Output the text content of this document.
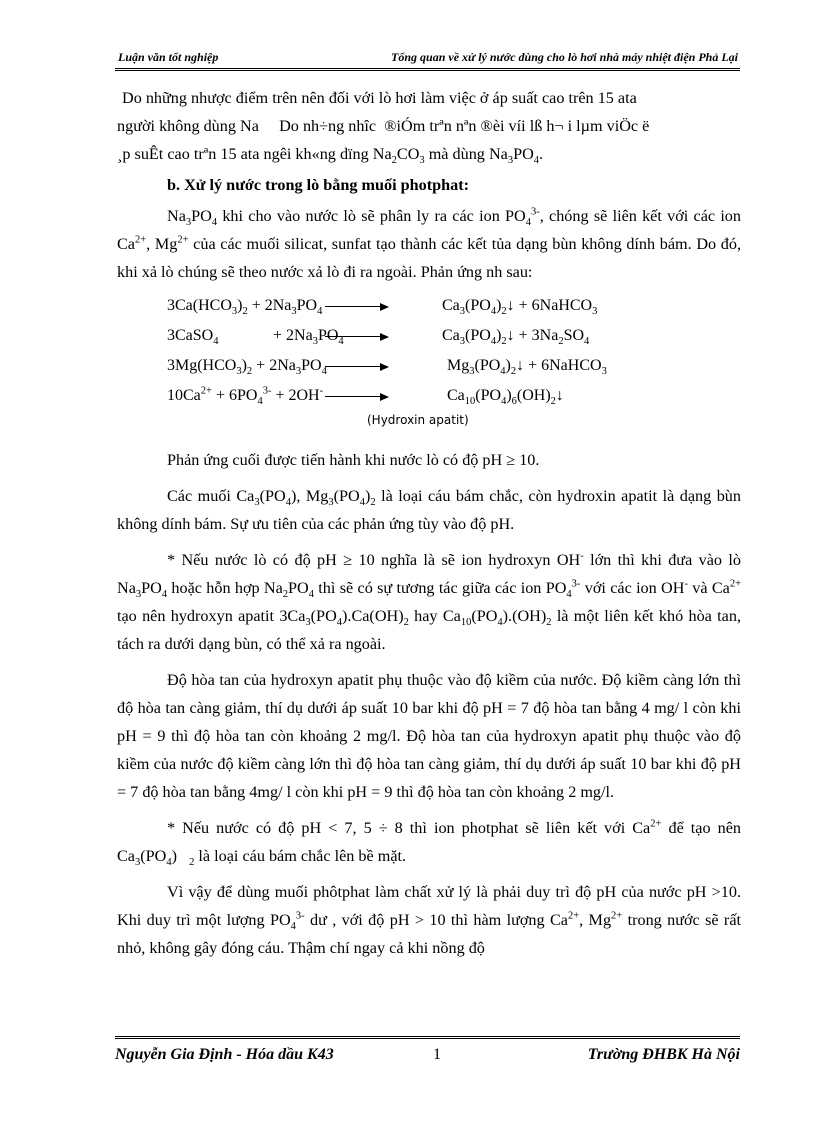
Luận văn tốt nghiệp	Tổng quan về xử lý nước dùng cho lò hơi nhà máy nhiệt điện Phả Lại

Do những nhược điểm trên nên đối với lò hơi làm việc ở áp suất cao trên 15 ata

người không dùng Na     Do nh÷ng nhîc  ®iÓm trªn nªn ®èi víi lß h¬ i lµm viÖc ë

¸p suÊt cao trªn 15 ata ngêi kh«ng dïng $Na_2CO_3$ mà dùng $Na_3PO_4$.

b. Xử lý nước trong lò bằng muối photphat:

$Na_3PO_4$ khi cho vào nước lò sẽ phân ly ra các ion $PO_4^{3-}$, chóng sẽ liên kết với các ion $Ca^{2+}$, $Mg^{2+}$ của các muối silicat, sunfat tạo thành các kết tủa dạng bùn không dính bám. Do đó, khi xả lò chúng sẽ theo nước xả lò đi ra ngoài. Phản ứng nh sau:

$3Ca(HCO_3)_2 + 2Na_3PO_4$ →	$Ca_3(PO_4)_2↓$ + 6NaHCO$_3$
3CaSO$_4$	+ $2Na_3PO_4$	$Ca_3(PO_4)_2↓ + 3Na_2SO_4$
$3Mg(HCO_3)_2 + 2Na_3PO_4$	$Mg_3(PO_4)_2↓$ + 6NaHCO$_3$
$10Ca^{2+} + 6PO_4^{3-} + 2OH^-$ →	$Ca_{10}(PO_4)_6(OH)_2↓$
(Hydroxin apatit)

Phản ứng cuối được tiến hành khi nước lò có độ pH ≥ 10.

Các muối $Ca_3(PO_4)$, $Mg_3(PO_4)_2$ là loại cáu bám chắc, còn hydroxin apatit là dạng bùn không dính bám. Sự ưu tiên của các phản ứng tùy vào độ pH.

* Nếu nước lò có độ pH ≥ 10 nghĩa là sẽ ion hydroxyn OH- lớn thì khi đưa vào lò $Na_3PO_4$ hoặc hỗn hợp $Na_2PO_4$ thì sẽ có sự tương tác giữa các ion $PO_4^{3-}$ với các ion OH- và $Ca^{2+}$ tạo nên hydroxyn apatit $3Ca_3(PO_4).Ca(OH)_2$ hay $Ca_{10}(PO_4).(OH)_2$ là một liên kết khó hòa tan, tách ra dưới dạng bùn, có thể xả ra ngoài.

Độ hòa tan của hydroxyn apatit phụ thuộc vào độ kiềm của nước. Độ kiềm càng lớn thì độ hòa tan càng giảm, thí dụ dưới áp suất 10 bar khi độ pH = 7 độ hòa tan bằng 4 mg/ l còn khi pH = 9 thì độ hòa tan còn khoảng 2 mg/l. Độ hòa tan của hydroxyn apatit phụ thuộc vào độ kiềm của nước độ kiềm càng lớn thì độ hòa tan càng giảm, thí dụ dưới áp suất 10 bar khi độ pH = 7 độ hòa tan bằng 4mg/ l còn khi pH = 9 thì độ hòa tan còn khoảng 2 mg/l.

* Nếu nước có độ pH < 7, 5 ÷ 8 thì ion photphat sẽ liên kết với $Ca^{2+}$ để tạo nên $Ca_3(PO_4)$   $_2$ là loại cáu bám chắc lên bề mặt.

Vì vậy để dùng muối phôtphat làm chất xử lý là phải duy trì độ pH của nước pH >10. Khi duy trì một lượng $PO_4^{3-}$ dư , với độ pH > 10 thì hàm lượng $Ca^{2+}$, $Mg^{2+}$ trong nước sẽ rất nhỏ, không gây đóng cáu. Thậm chí ngay cả khi nồng độ

Nguyễn Gia Định - Hóa dầu K43	1	Trường ĐHBK Hà Nội
